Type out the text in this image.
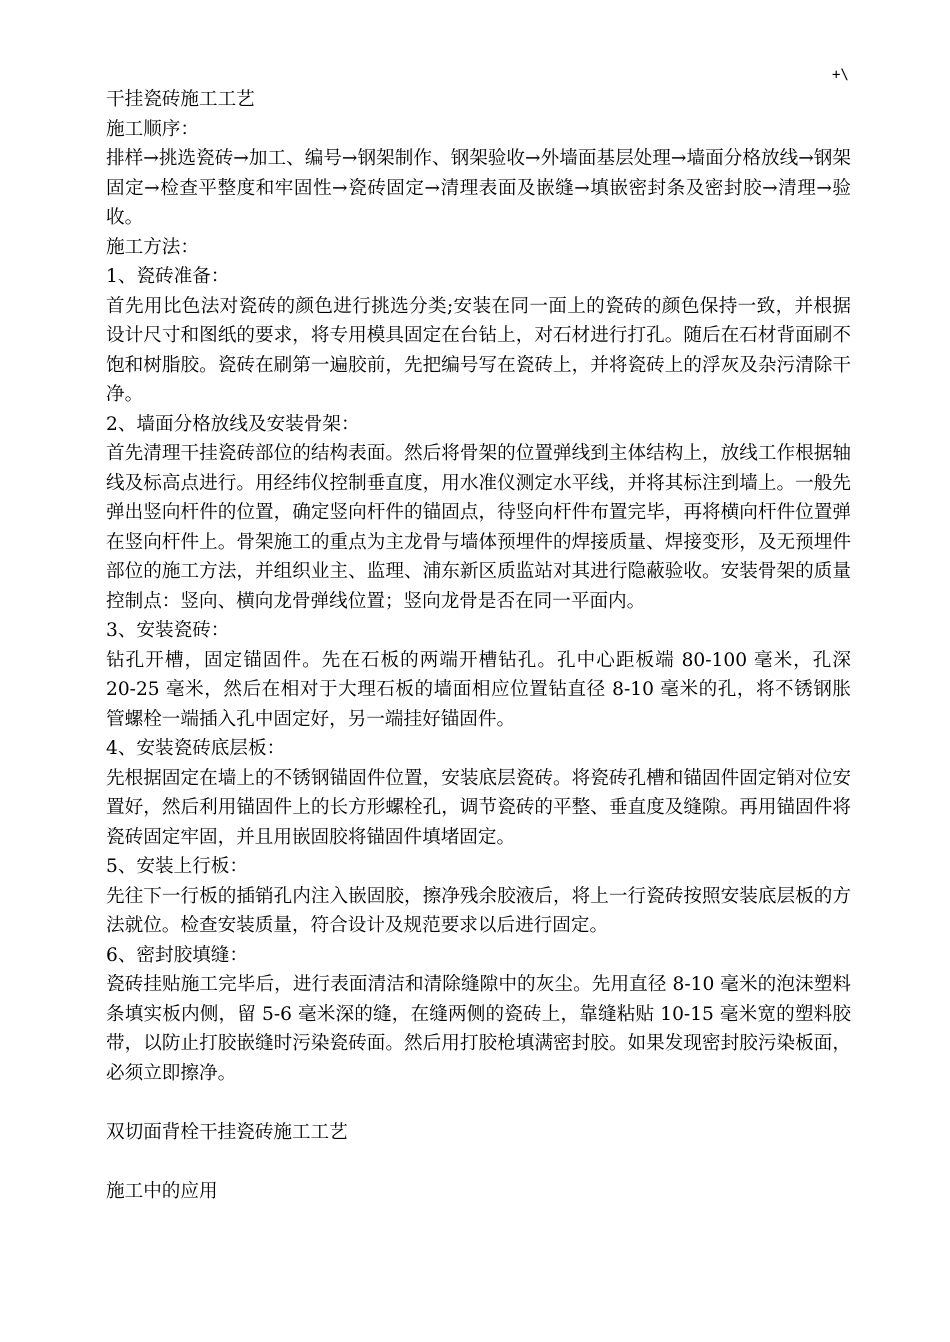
+\

干挂瓷砖施工工艺

施工顺序：

排样→挑选瓷砖→加工、编号→钢架制作、钢架验收→外墙面基层处理→墙面分格放线→钢架固定→检查平整度和牢固性→瓷砖固定→清理表面及嵌缝→填嵌密封条及密封胶→清理→验收。

施工方法：

1、瓷砖准备：

首先用比色法对瓷砖的颜色进行挑选分类;安装在同一面上的瓷砖的颜色保持一致，并根据设计尺寸和图纸的要求，将专用模具固定在台钻上，对石材进行打孔。随后在石材背面刷不饱和树脂胶。瓷砖在刷第一遍胶前，先把编号写在瓷砖上，并将瓷砖上的浮灰及杂污清除干净。

2、墙面分格放线及安装骨架：

首先清理干挂瓷砖部位的结构表面。然后将骨架的位置弹线到主体结构上，放线工作根据轴线及标高点进行。用经纬仪控制垂直度，用水准仪测定水平线，并将其标注到墙上。一般先弹出竖向杆件的位置，确定竖向杆件的锚固点，待竖向杆件布置完毕，再将横向杆件位置弹在竖向杆件上。骨架施工的重点为主龙骨与墙体预埋件的焊接质量、焊接变形，及无预埋件部位的施工方法，并组织业主、监理、浦东新区质监站对其进行隐蔽验收。安装骨架的质量控制点：竖向、横向龙骨弹线位置；竖向龙骨是否在同一平面内。

3、安装瓷砖：

钻孔开槽，固定锚固件。先在石板的两端开槽钻孔。孔中心距板端 80-100 毫米，孔深 20-25 毫米，然后在相对于大理石板的墙面相应位置钻直径 8-10 毫米的孔，将不锈钢胀管螺栓一端插入孔中固定好，另一端挂好锚固件。

4、安装瓷砖底层板：

先根据固定在墙上的不锈钢锚固件位置，安装底层瓷砖。将瓷砖孔槽和锚固件固定销对位安置好，然后利用锚固件上的长方形螺栓孔，调节瓷砖的平整、垂直度及缝隙。再用锚固件将瓷砖固定牢固，并且用嵌固胶将锚固件填堵固定。

5、安装上行板：

先往下一行板的插销孔内注入嵌固胶，擦净残余胶液后，将上一行瓷砖按照安装底层板的方法就位。检查安装质量，符合设计及规范要求以后进行固定。

6、密封胶填缝：

瓷砖挂贴施工完毕后，进行表面清洁和清除缝隙中的灰尘。先用直径 8-10 毫米的泡沫塑料条填实板内侧，留 5-6 毫米深的缝，在缝两侧的瓷砖上，靠缝粘贴 10-15 毫米宽的塑料胶带，以防止打胶嵌缝时污染瓷砖面。然后用打胶枪填满密封胶。如果发现密封胶污染板面，必须立即擦净。

双切面背栓干挂瓷砖施工工艺

施工中的应用
